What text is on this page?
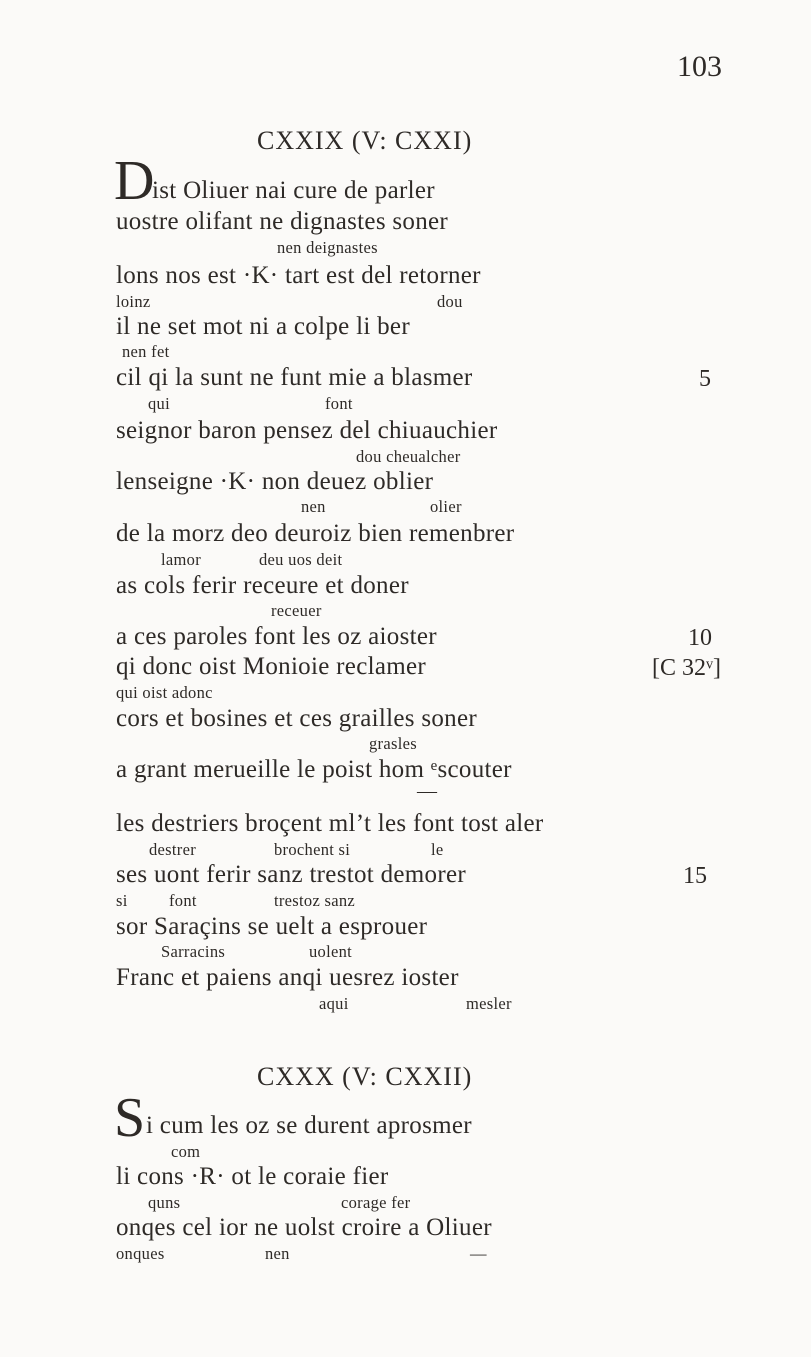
103
CXXIX (V: CXXI)
D
ist Oliuer nai cure de parler
uostre olifant ne dignastes soner
nen deignastes
lons nos est ·K· tart est del retorner
loinz	dou
il ne set mot ni a colpe li ber
nen fet
cil qi la sunt ne funt mie a blasmer
qui	font
5
seignor baron pensez del chiuauchier
dou cheualcher
lenseigne ·K· non deuez oblier
nen	olier
de la morz deo deuroiz bien remenbrer
lamor	deu uos deit
as cols ferir receure et doner
receuer
a ces paroles font les oz aioster	10
qi donc oist Monioie reclamer
qui oist adonc
[C 32ᵛ]
cors et bosines et ces grailles soner
grasles
a grant merueille le poist hom ᵉscouter
—
les destriers broçent ml’t les font tost aler
destrer	brochent si	le
ses uont ferir sanz trestot demorer
si	font	trestoz sanz
15
sor Saraçins se uelt a esprouer
Sarracins	uolent
Franc et paiens anqi uesrez ioster
aqui	mesler
CXXX (V: CXXII)
S i cum les oz se durent aprosmer
com
li cons ·R· ot le coraie fier
quns	corage fer
onqes cel ior ne uolst croire a Oliuer
onques	nen	—
